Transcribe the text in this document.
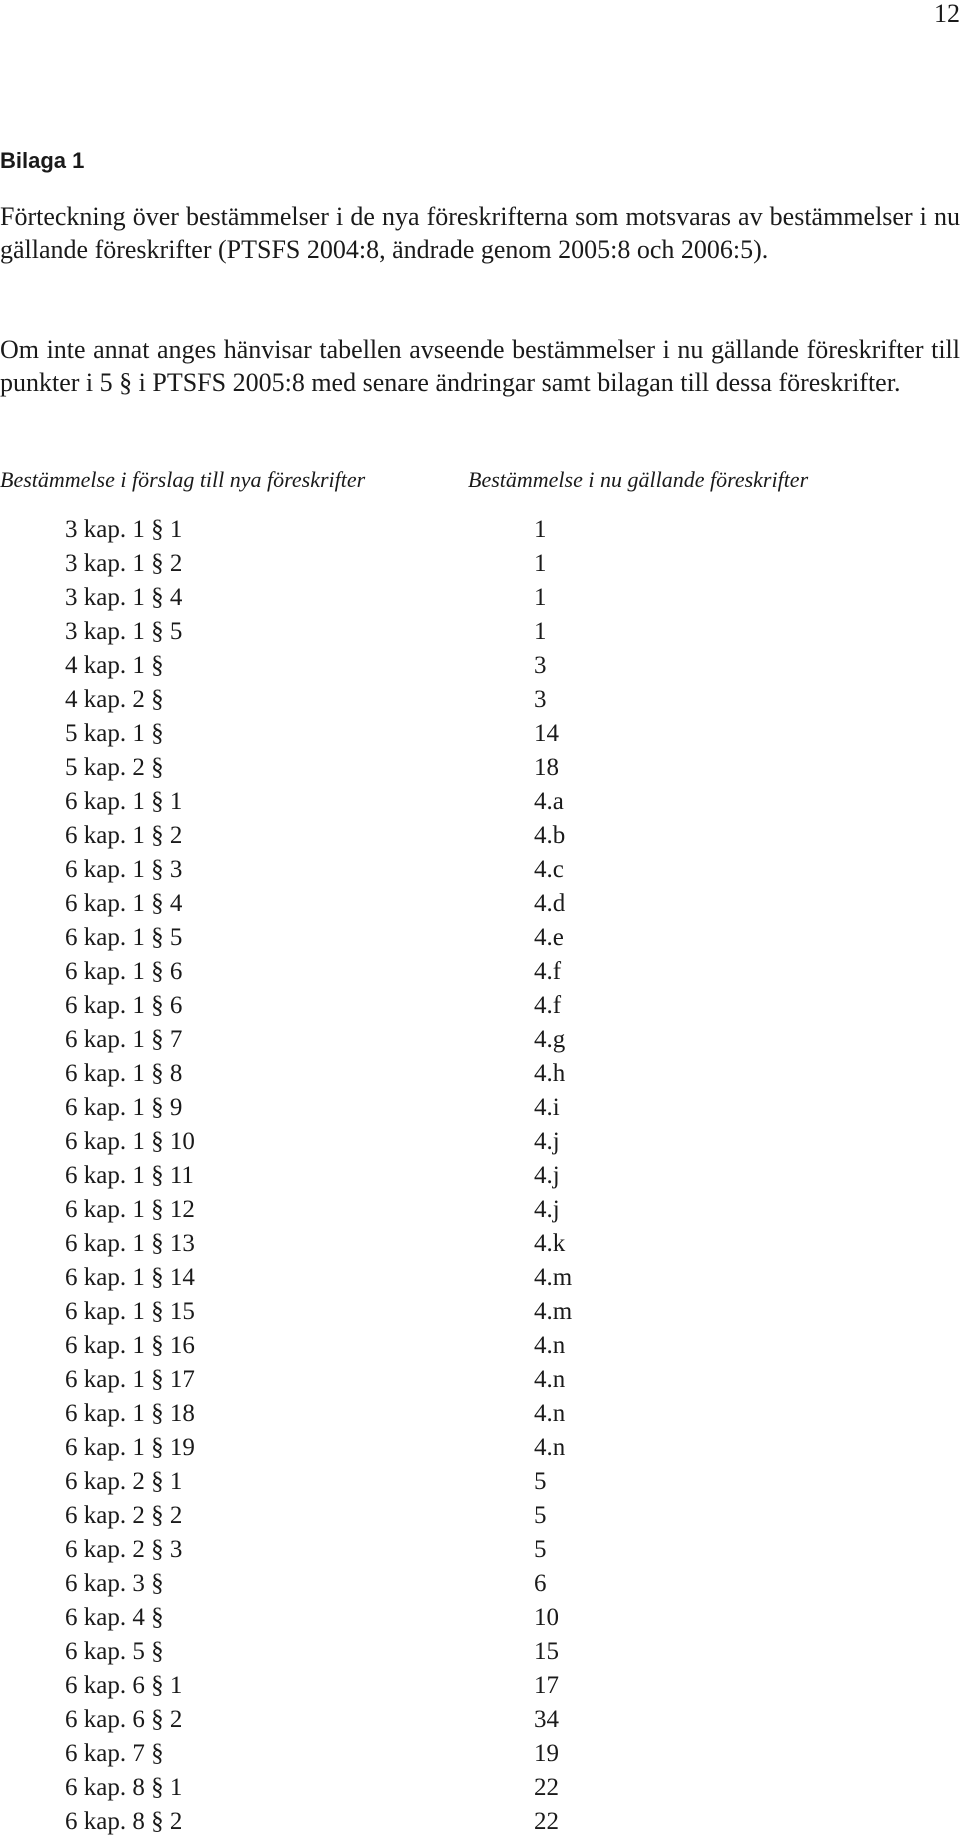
12
Bilaga 1

Förteckning över bestämmelser i de nya föreskrifterna som motsvaras av bestämmelser i nu gällande föreskrifter (PTSFS 2004:8, ändrade genom 2005:8 och 2006:5).

Om inte annat anges hänvisar tabellen avseende bestämmelser i nu gällande föreskrifter till punkter i 5 § i PTSFS 2005:8 med senare ändringar samt bilagan till dessa föreskrifter.

Bestämmelse i förslag till nya föreskrifter	Bestämmelse i nu gällande föreskrifter
3 kap. 1 § 1	1
3 kap. 1 § 2	1
3 kap. 1 § 4	1
3 kap. 1 § 5	1
4 kap. 1 §	3
4 kap. 2 §	3
5 kap. 1 §	14
5 kap. 2 §	18
6 kap. 1 § 1	4.a
6 kap. 1 § 2	4.b
6 kap. 1 § 3	4.c
6 kap. 1 § 4	4.d
6 kap. 1 § 5	4.e
6 kap. 1 § 6	4.f
6 kap. 1 § 6	4.f
6 kap. 1 § 7	4.g
6 kap. 1 § 8	4.h
6 kap. 1 § 9	4.i
6 kap. 1 § 10	4.j
6 kap. 1 § 11	4.j
6 kap. 1 § 12	4.j
6 kap. 1 § 13	4.k
6 kap. 1 § 14	4.m
6 kap. 1 § 15	4.m
6 kap. 1 § 16	4.n
6 kap. 1 § 17	4.n
6 kap. 1 § 18	4.n
6 kap. 1 § 19	4.n
6 kap. 2 § 1	5
6 kap. 2 § 2	5
6 kap. 2 § 3	5
6 kap. 3 §	6
6 kap. 4 §	10
6 kap. 5 §	15
6 kap. 6 § 1	17
6 kap. 6 § 2	34
6 kap. 7 §	19
6 kap. 8 § 1	22
6 kap. 8 § 2	22
